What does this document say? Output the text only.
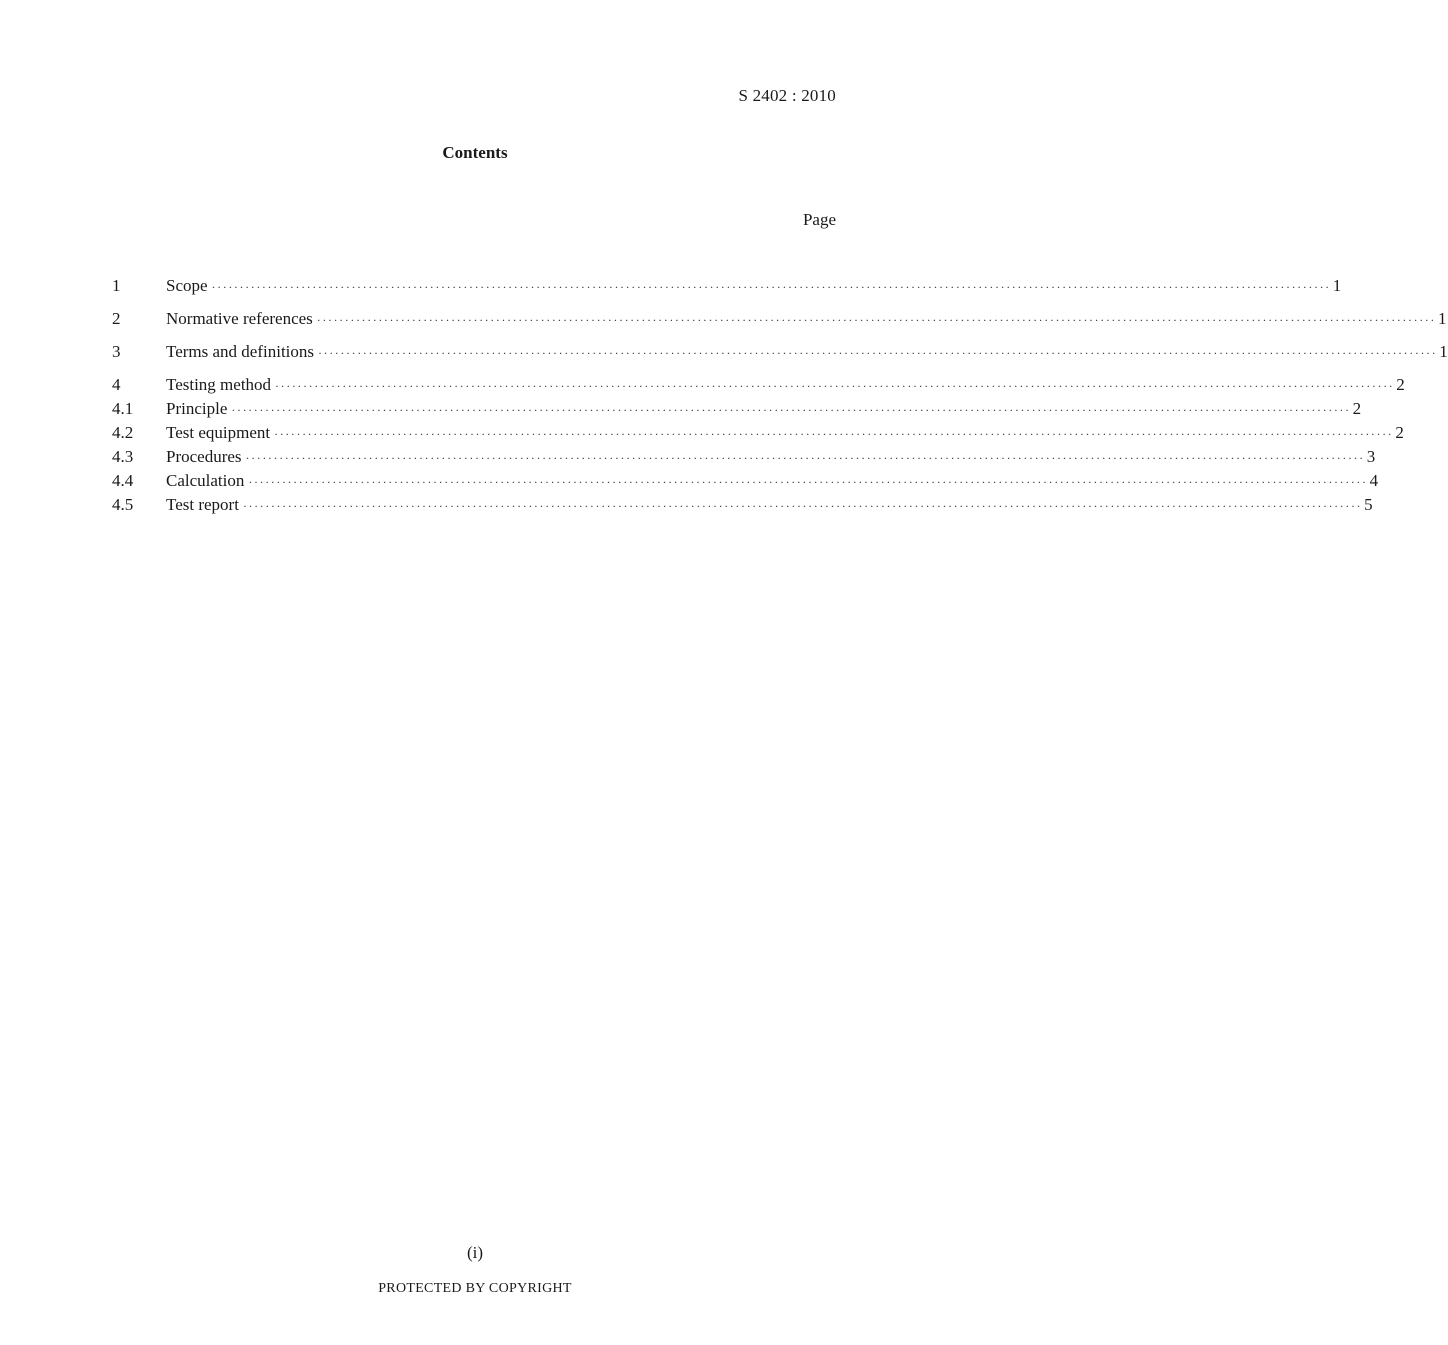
S 2402 : 2010
Contents
Page
1	Scope ········································································································································································································ 1
2	Normative references ········································································································································································································ 1
3	Terms and definitions ········································································································································································································ 1
4	Testing method ········································································································································································································ 2
4.1	Principle ········································································································································································································ 2
4.2	Test equipment ········································································································································································································ 2
4.3	Procedures ········································································································································································································ 3
4.4	Calculation ········································································································································································································ 4
4.5	Test report ········································································································································································································ 5
(i)
PROTECTED BY COPYRIGHT
